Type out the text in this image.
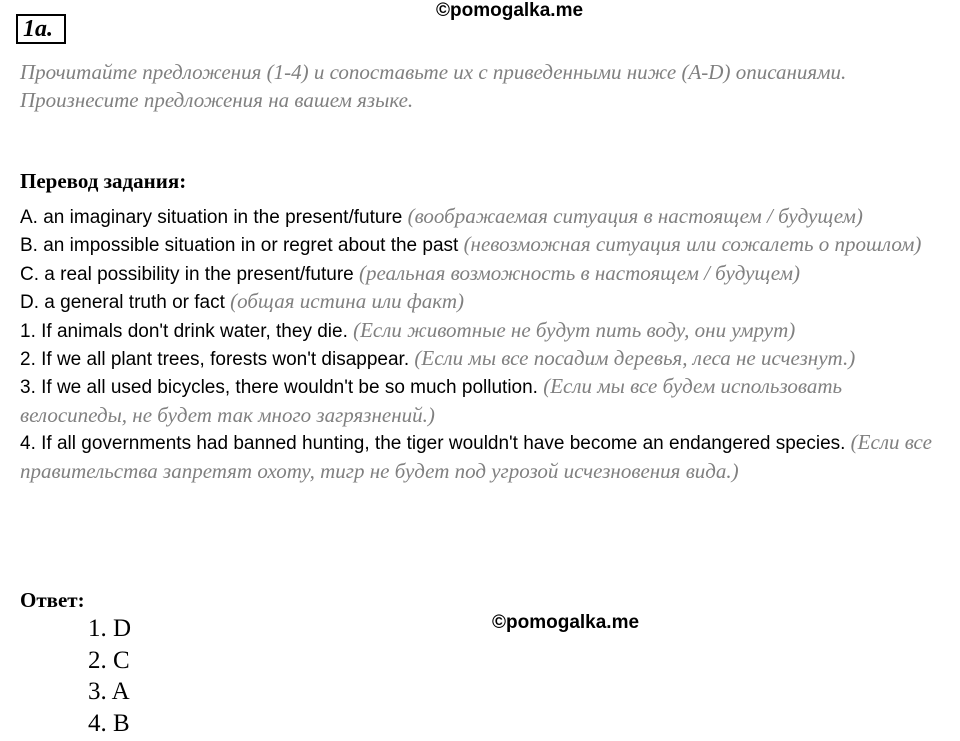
1a.
©pomogalka.me

Прочитайте предложения (1-4) и сопоставьте их с приведенными ниже (A-D) описаниями. Произнесите предложения на вашем языке.

Перевод задания:

A. an imaginary situation in the present/future (воображаемая ситуация в настоящем / будущем)
B. an impossible situation in or regret about the past (невозможная ситуация или сожалеть о прошлом)
C. a real possibility in the present/future (реальная возможность в настоящем / будущем)
D. a general truth or fact (общая истина или факт)
1. If animals don't drink water, they die. (Если животные не будут пить воду, они умрут)
2. If we all plant trees, forests won't disappear. (Если мы все посадим деревья, леса не исчезнут.)
3. If we all used bicycles, there wouldn't be so much pollution. (Если мы все будем использовать велосипеды, не будет так много загрязнений.)
4. If all governments had banned hunting, the tiger wouldn't have become an endangered species. (Если все правительства запретят охоту, тигр не будет под угрозой исчезновения вида.)

Ответ:

©pomogalka.me
1. D
2. C
3. A
4. B
